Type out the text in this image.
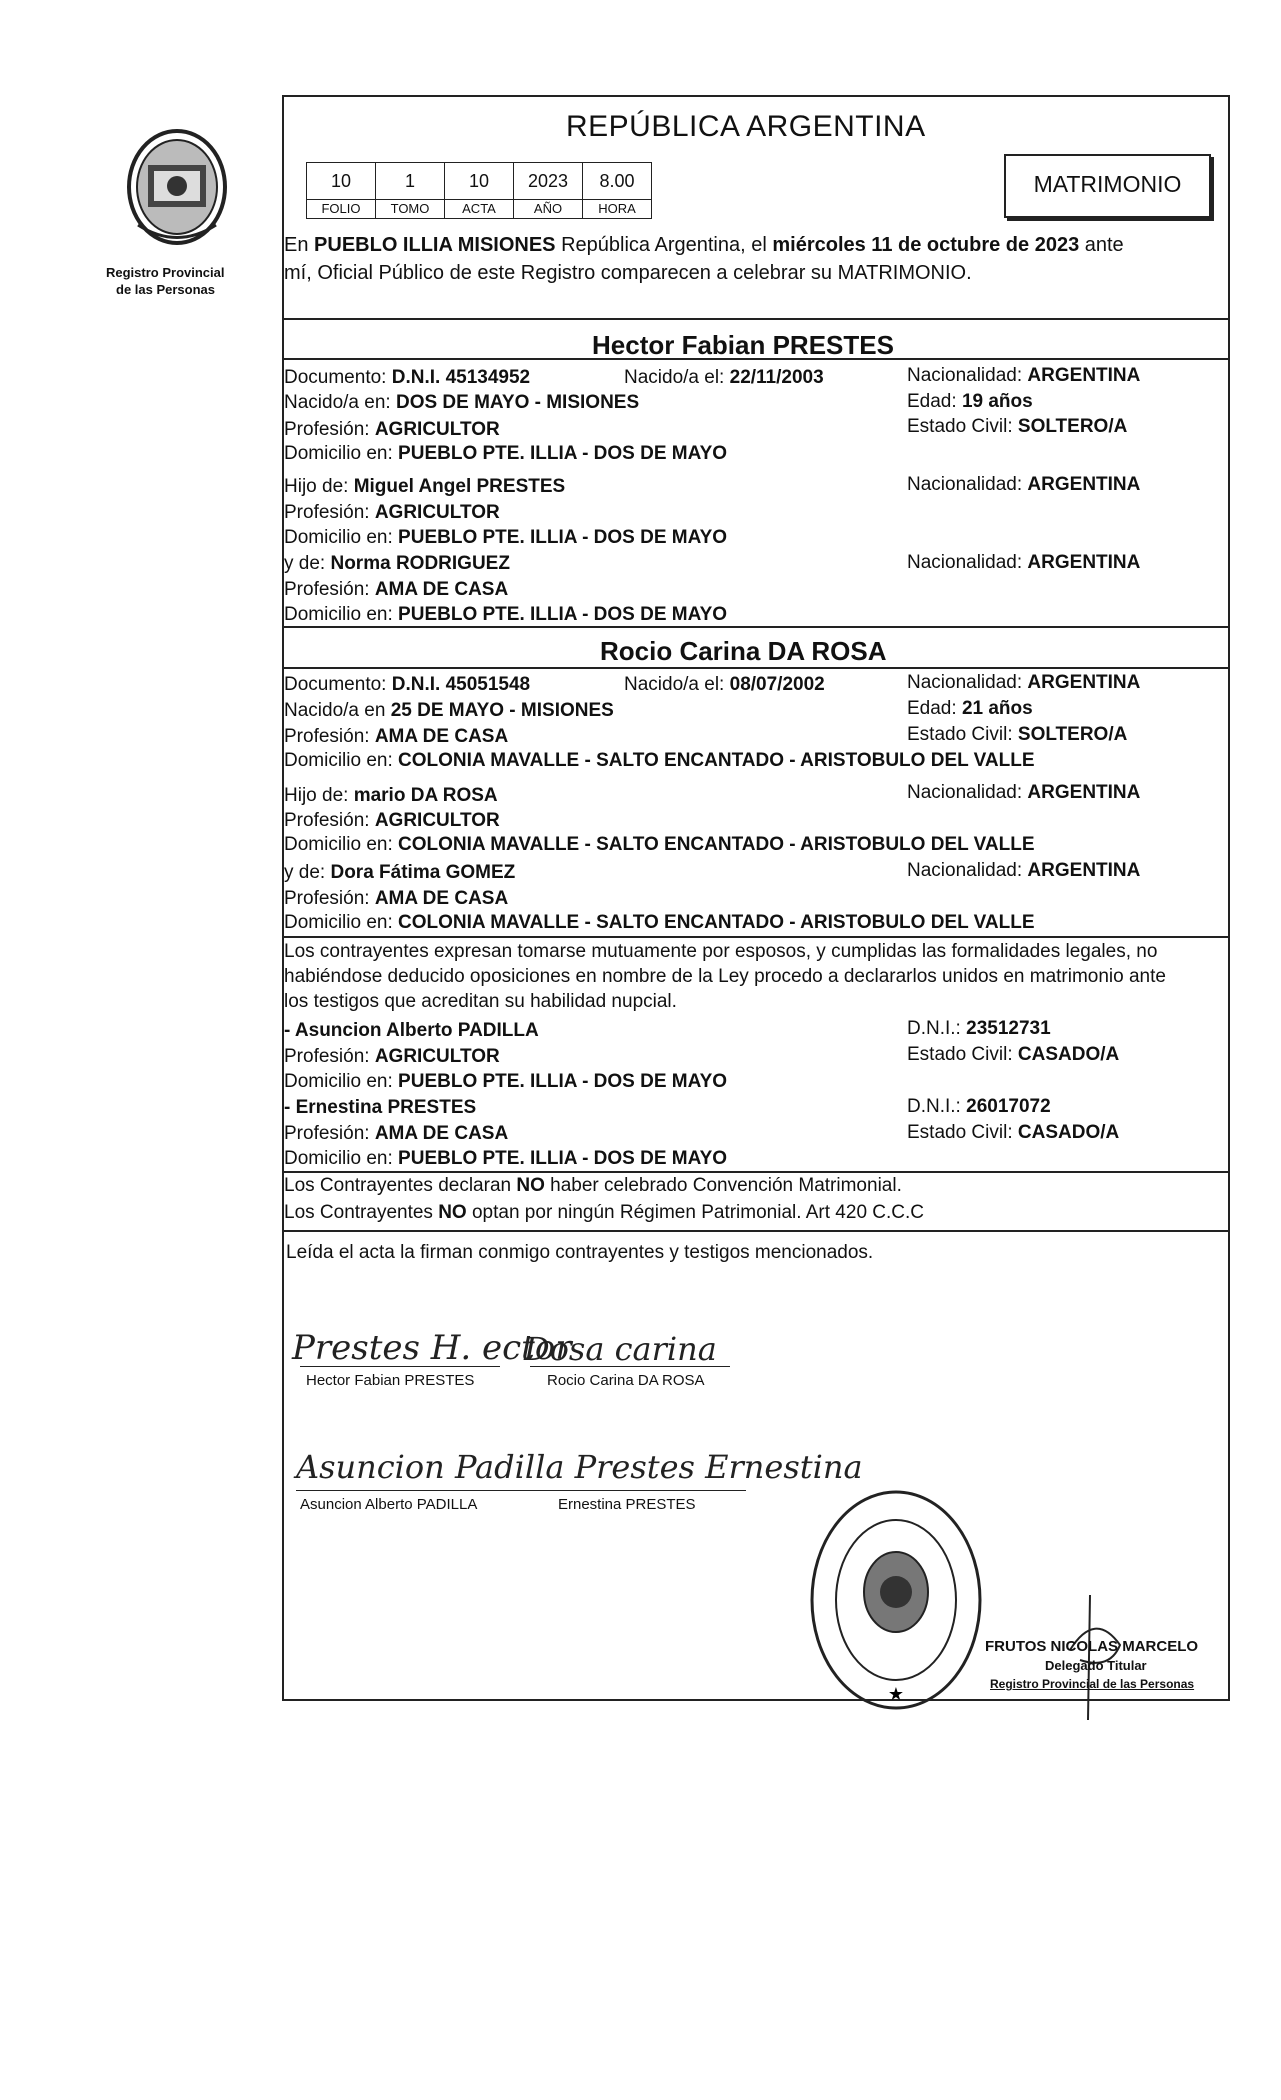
Registro Provincial
de las Personas
REPÚBLICA ARGENTINA
10	1	10	2023	8.00
FOLIO	TOMO	ACTA	AÑO	HORA
MATRIMONIO
En PUEBLO ILLIA MISIONES República Argentina, el miércoles 11 de octubre de 2023 ante
mí, Oficial Público de este Registro comparecen a celebrar su MATRIMONIO.
Hector Fabian PRESTES
Documento: D.N.I. 45134952	Nacido/a el: 22/11/2003	Nacionalidad: ARGENTINA
Nacido/a en: DOS DE MAYO - MISIONES	Edad: 19 años
Profesión: AGRICULTOR	Estado Civil: SOLTERO/A
Domicilio en: PUEBLO PTE. ILLIA - DOS DE MAYO
Hijo de: Miguel Angel PRESTES	Nacionalidad: ARGENTINA
Profesión: AGRICULTOR
Domicilio en: PUEBLO PTE. ILLIA - DOS DE MAYO
y de: Norma RODRIGUEZ	Nacionalidad: ARGENTINA
Profesión: AMA DE CASA
Domicilio en: PUEBLO PTE. ILLIA - DOS DE MAYO
Rocio Carina DA ROSA
Documento: D.N.I. 45051548	Nacido/a el: 08/07/2002	Nacionalidad: ARGENTINA
Nacido/a en 25 DE MAYO - MISIONES	Edad: 21 años
Profesión: AMA DE CASA	Estado Civil: SOLTERO/A
Domicilio en: COLONIA MAVALLE - SALTO ENCANTADO - ARISTOBULO DEL VALLE
Hijo de: mario DA ROSA	Nacionalidad: ARGENTINA
Profesión: AGRICULTOR
Domicilio en: COLONIA MAVALLE - SALTO ENCANTADO - ARISTOBULO DEL VALLE
y de: Dora Fátima GOMEZ	Nacionalidad: ARGENTINA
Profesión: AMA DE CASA
Domicilio en: COLONIA MAVALLE - SALTO ENCANTADO - ARISTOBULO DEL VALLE
Los contrayentes expresan tomarse mutuamente por esposos, y cumplidas las formalidades legales, no
habiéndose deducido oposiciones en nombre de la Ley procedo a declararlos unidos en matrimonio ante
los testigos que acreditan su habilidad nupcial.
- Asuncion Alberto PADILLA	D.N.I.: 23512731
Profesión: AGRICULTOR	Estado Civil: CASADO/A
Domicilio en: PUEBLO PTE. ILLIA - DOS DE MAYO
- Ernestina PRESTES	D.N.I.: 26017072
Profesión: AMA DE CASA	Estado Civil: CASADO/A
Domicilio en: PUEBLO PTE. ILLIA - DOS DE MAYO
Los Contrayentes declaran NO haber celebrado Convención Matrimonial.
Los Contrayentes NO optan por ningún Régimen Patrimonial. Art 420 C.C.C
Leída el acta la firman conmigo contrayentes y testigos mencionados.
Prestes H. ector
Hector Fabian PRESTES
Dosa carina
Rocio Carina DA ROSA
Asuncion Padilla Prestes Ernestina
Asuncion Alberto PADILLA	Ernestina PRESTES
★
FRUTOS NICOLAS MARCELO
Delegado Titular
Registro Provincial de las Personas
